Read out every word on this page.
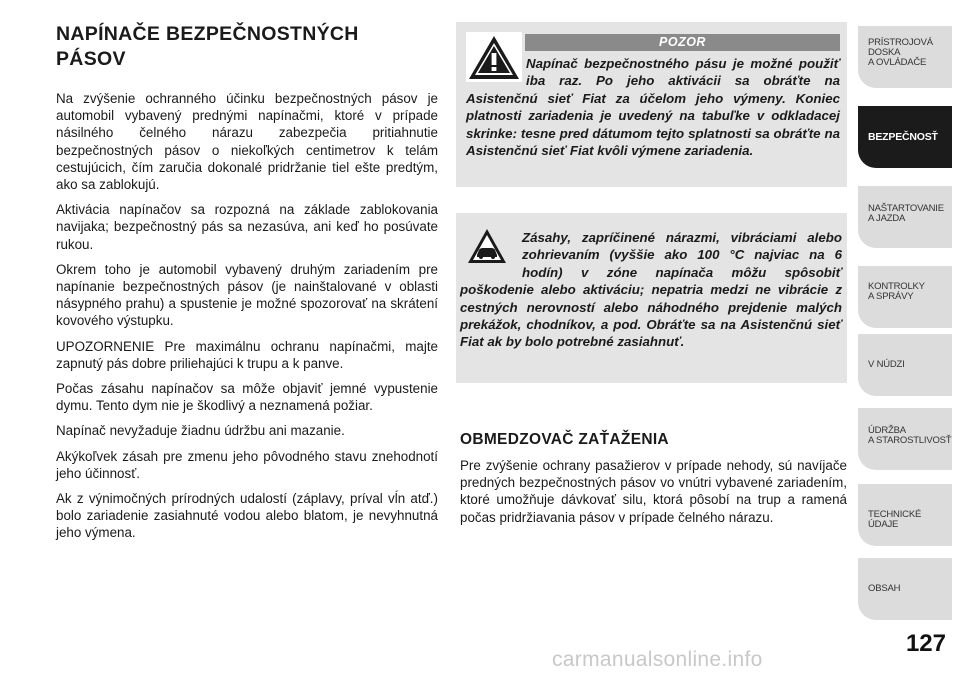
NAPÍNAČE BEZPEČNOSTNÝCH
PÁSOV

Na zvýšenie ochranného účinku bezpečnostných pásov je automobil vybavený prednými napínačmi, ktoré v prípade násilného čelného nárazu zabezpečia pritiahnutie bezpečnostných pásov o niekoľkých centimetrov k telám cestujúcich, čím zaručia dokonalé pridržanie tiel ešte predtým, ako sa zablokujú.

Aktivácia napínačov sa rozpozná na základe zablokovania navijaka; bezpečnostný pás sa nezasúva, ani keď ho posúvate rukou.

Okrem toho je automobil vybavený druhým zariadením pre napínanie bezpečnostných pásov (je nainštalované v oblasti násypného prahu) a spustenie je možné spozorovať na skrátení kovového výstupku.

UPOZORNENIE Pre maximálnu ochranu napínačmi, majte zapnutý pás dobre priliehajúci k trupu a k panve.

Počas zásahu napínačov sa môže objaviť jemné vypustenie dymu. Tento dym nie je škodlivý a neznamená požiar.

Napínač nevyžaduje žiadnu údržbu ani mazanie.

Akýkoľvek zásah pre zmenu jeho pôvodného stavu znehodnotí jeho účinnosť.

Ak z výnimočných prírodných udalostí (záplavy, príval vĺn atď.) bolo zariadenie zasiahnuté vodou alebo blatom, je nevyhnutná jeho výmena.

POZOR
Napínač bezpečnostného pásu je možné použiť iba raz. Po jeho aktivácii sa obráťte na Asistenčnú sieť Fiat za účelom jeho výmeny. Koniec platnosti zariadenia je uvedený na tabuľke v odkladacej skrinke: tesne pred dátumom tejto splatnosti sa obráťte na Asistenčnú sieť Fiat kvôli výmene zariadenia.
Zásahy, zapríčinené nárazmi, vibráciami alebo zohrievaním (vyššie ako 100 °C najviac na 6 hodín) v zóne napínača môžu spôsobiť poškodenie alebo aktiváciu; nepatria medzi ne vibrácie z cestných nerovností alebo náhodného prejdenie malých prekážok, chodníkov, a pod. Obráťte sa na Asistenčnú sieť Fiat ak by bolo potrebné zasiahnuť.
OBMEDZOVAČ ZAŤAŽENIA

Pre zvýšenie ochrany pasažierov v prípade nehody, sú navíjače predných bezpečnostných pásov vo vnútri vybavené zariadením, ktoré umožňuje dávkovať silu, ktorá pôsobí na trup a ramená počas pridržiavania pásov v prípade čelného nárazu.

PRÍSTROJOVÁ
DOSKA
A OVLÁDAČE
BEZPEČNOSŤ
NAŠTARTOVANIE
A JAZDA
KONTROLKY
A SPRÁVY
V NÚDZI
ÚDRŽBA
A STAROSTLIVOSŤ
TECHNICKÉ ÚDAJE
OBSAH
127
carmanualsonline.info
